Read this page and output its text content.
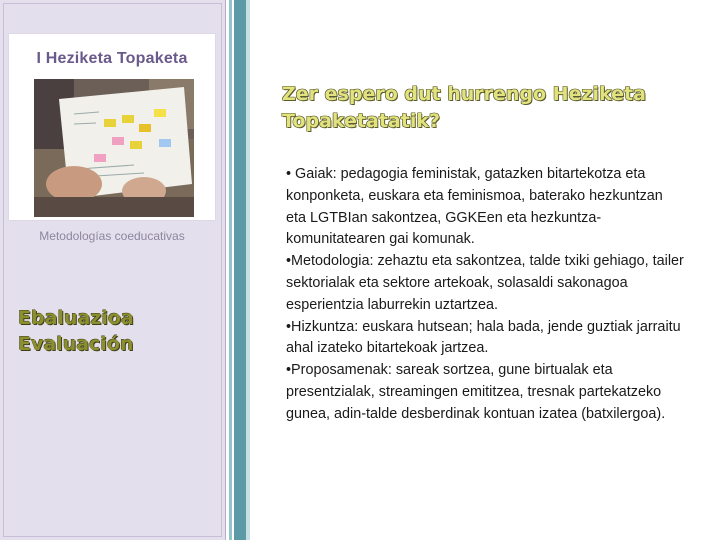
I Heziketa Topaketa
Metodologías coeducativas
Ebaluazioa
Evaluación
Zer espero dut hurrengo Heziketa
Topaketatatik?
• Gaiak: pedagogia feministak, gatazken bitartekotza eta konponketa, euskara eta feminismoa, baterako hezkuntzan eta LGTBIan sakontzea, GGKEen eta hezkuntza-komunitatearen gai komunak.
•Metodologia: zehaztu eta sakontzea, talde txiki gehiago, tailer sektorialak eta sektore artekoak, solasaldi sakonagoa esperientzia laburrekin uztartzea.
•Hizkuntza: euskara hutsean; hala bada, jende guztiak jarraitu ahal izateko bitartekoak jartzea.
•Proposamenak: sareak sortzea, gune birtualak eta presentzialak, streamingen emititzea, tresnak partekatzeko gunea, adin-talde desberdinak kontuan izatea (batxilergoa).
